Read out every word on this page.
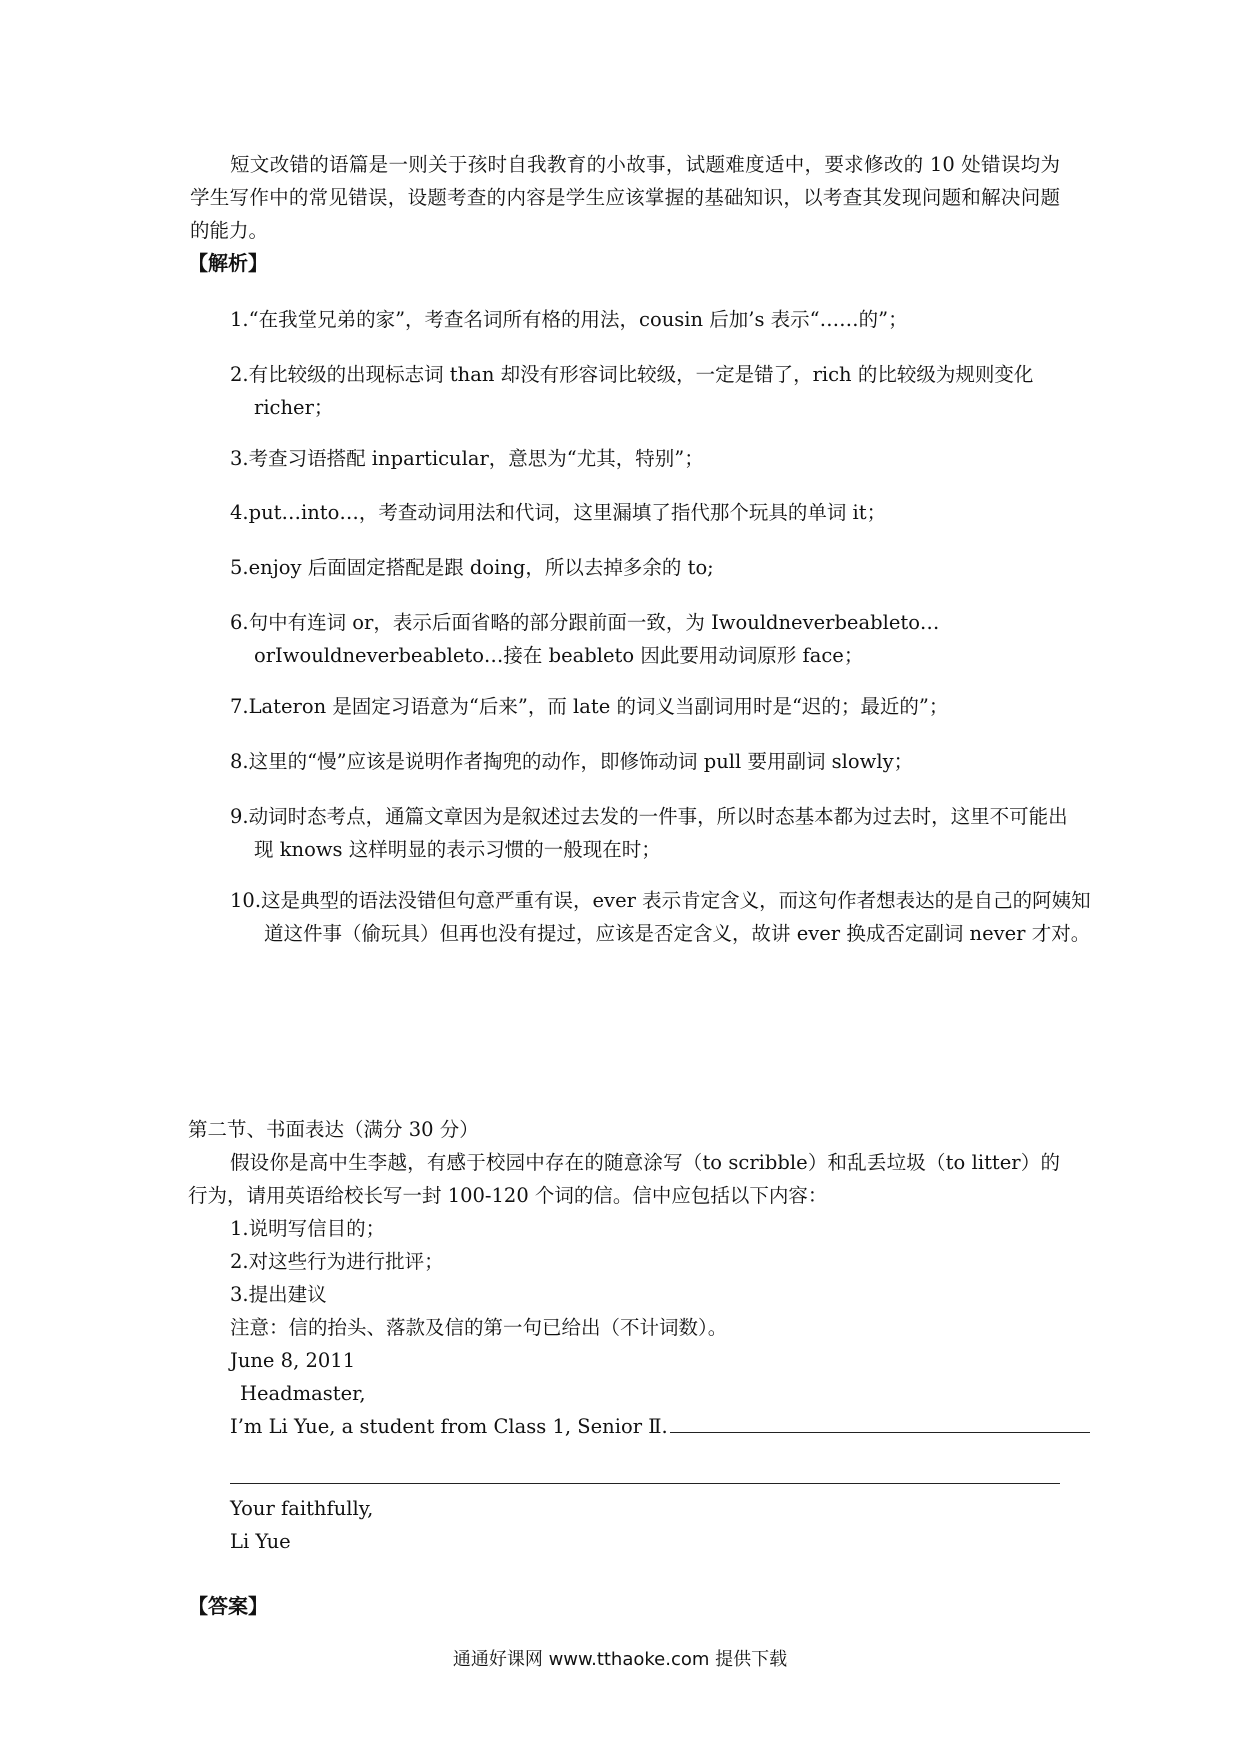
短文改错的语篇是一则关于孩时自我教育的小故事，试题难度适中，要求修改的 10 处错误均为学生写作中的常见错误，设题考查的内容是学生应该掌握的基础知识，以考查其发现问题和解决问题的能力。
【解析】
1.“在我堂兄弟的家”，考查名词所有格的用法，cousin 后加’s 表示“……的”；
2.有比较级的出现标志词 than 却没有形容词比较级，一定是错了，rich 的比较级为规则变化 richer；
3.考查习语搭配 inparticular，意思为“尤其，特别”；
4.put…into…，考查动词用法和代词，这里漏填了指代那个玩具的单词 it；
5.enjoy 后面固定搭配是跟 doing，所以去掉多余的 to;
6.句中有连词 or，表示后面省略的部分跟前面一致，为 Iwouldneverbeableto…orIwouldneverbeableto…接在 beableto 因此要用动词原形 face；
7.Lateron 是固定习语意为“后来”，而 late 的词义当副词用时是“迟的；最近的”；
8.这里的“慢”应该是说明作者掏兜的动作，即修饰动词 pull 要用副词 slowly；
9.动词时态考点，通篇文章因为是叙述过去发的一件事，所以时态基本都为过去时，这里不可能出现 knows 这样明显的表示习惯的一般现在时；
10.这是典型的语法没错但句意严重有误，ever 表示肯定含义，而这句作者想表达的是自己的阿姨知道这件事（偷玩具）但再也没有提过，应该是否定含义，故讲 ever 换成否定副词 never 才对。
第二节、书面表达（满分 30 分）
假设你是高中生李越，有感于校园中存在的随意涂写（to scribble）和乱丢垃圾（to litter）的行为，请用英语给校长写一封 100-120 个词的信。信中应包括以下内容：
1.说明写信目的；
2.对这些行为进行批评；
3.提出建议
注意：信的抬头、落款及信的第一句已给出（不计词数）。
June 8, 2011
Headmaster,
I’m Li Yue, a student from Class 1, Senior Ⅱ.
Your faithfully,
Li Yue
【答案】
通通好课网 www.tthaoke.com 提供下载
